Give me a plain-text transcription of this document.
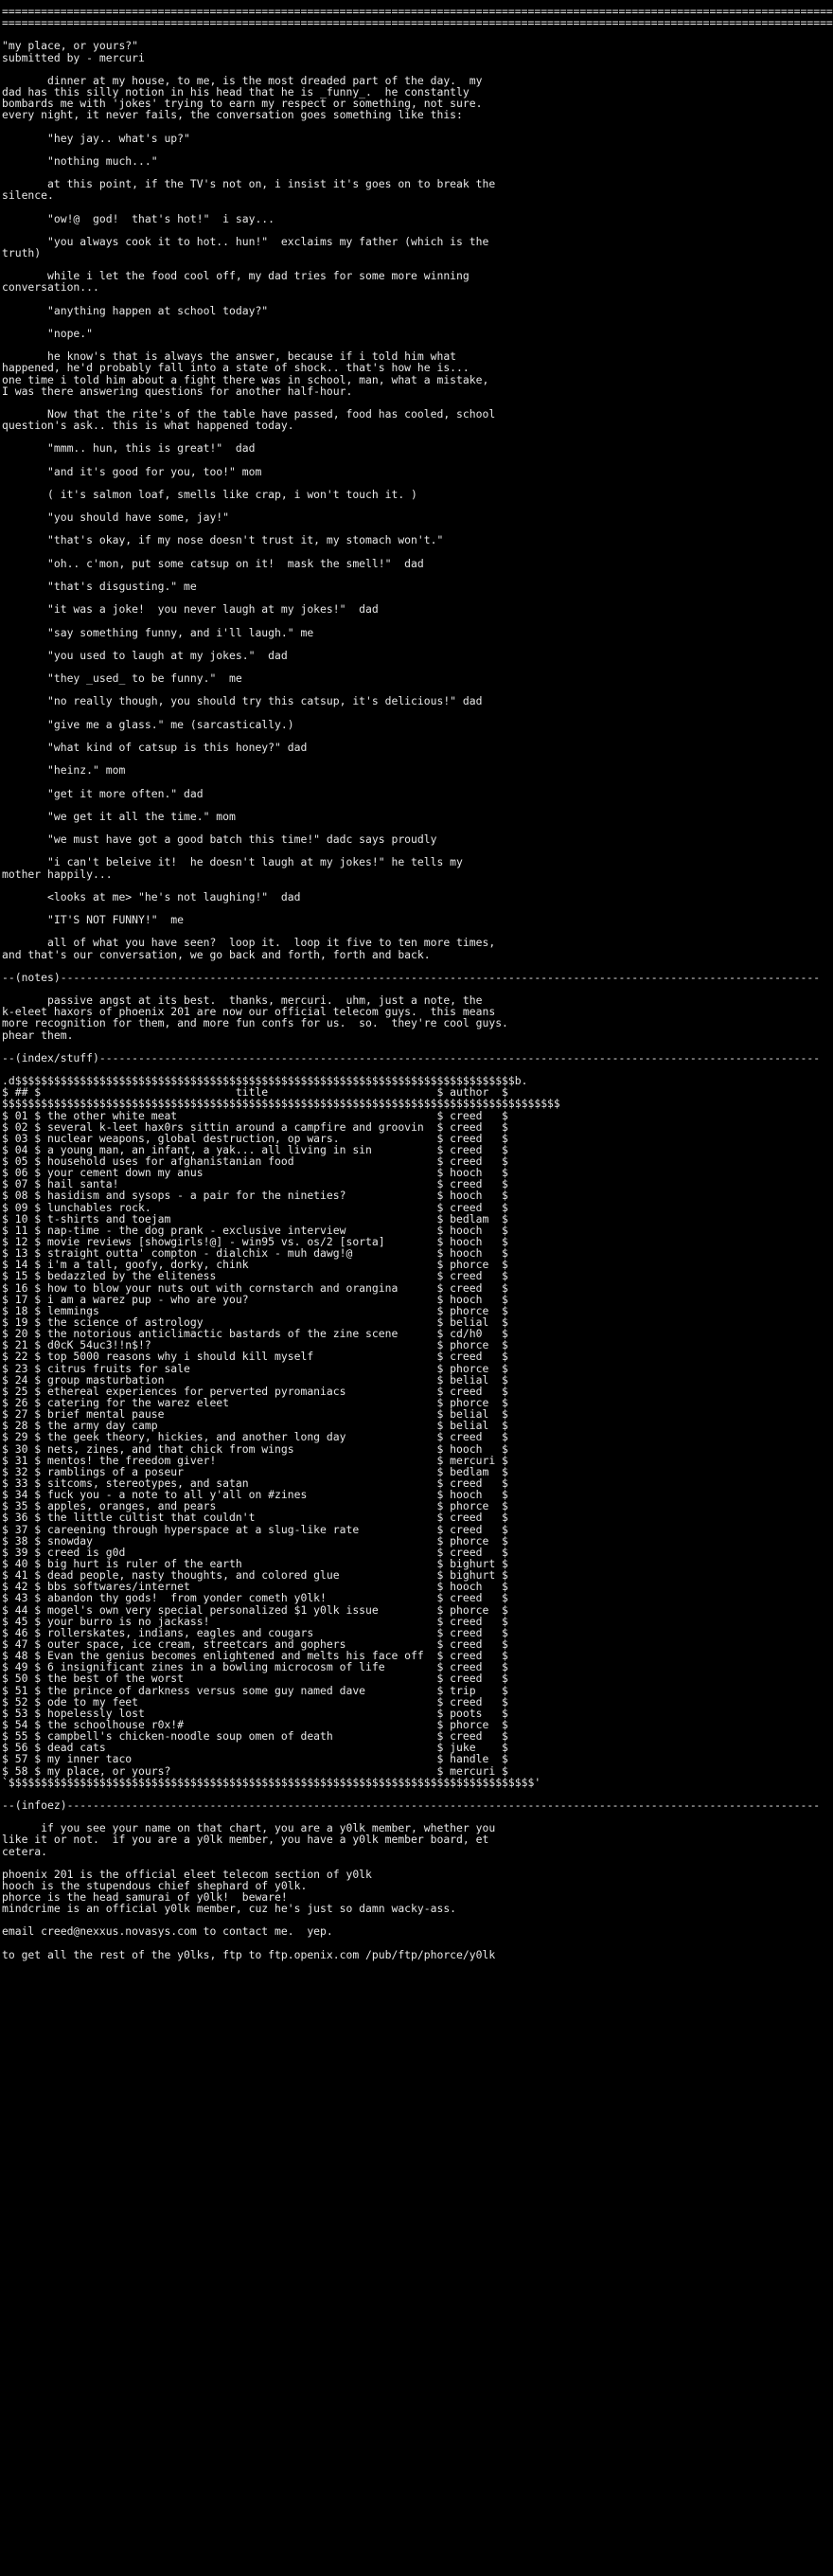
================================================================================================================================
================================================================================================================================
"my place, or yours?"
submitted by - mercuri
dinner at my house, to me, is the most dreaded part of the day.  my
dad has this silly notion in his head that he is _funny_.  he constantly
bombards me with 'jokes' trying to earn my respect or something, not sure.
every night, it never fails, the conversation goes something like this:
"hey jay.. what's up?"
"nothing much..."
at this point, if the TV's not on, i insist it's goes on to break the
silence.
"ow!@  god!  that's hot!"  i say...
"you always cook it to hot.. hun!"  exclaims my father (which is the
truth)
while i let the food cool off, my dad tries for some more winning
conversation...
"anything happen at school today?"
"nope."
he know's that is always the answer, because if i told him what
happened, he'd probably fall into a state of shock.. that's how he is...
one time i told him about a fight there was in school, man, what a mistake,
I was there answering questions for another half-hour.
Now that the rite's of the table have passed, food has cooled, school
question's ask.. this is what happened today.
"mmm.. hun, this is great!"  dad
"and it's good for you, too!" mom
( it's salmon loaf, smells like crap, i won't touch it. )
"you should have some, jay!"
"that's okay, if my nose doesn't trust it, my stomach won't."
"oh.. c'mon, put some catsup on it!  mask the smell!"  dad
"that's disgusting." me
"it was a joke!  you never laugh at my jokes!"  dad
"say something funny, and i'll laugh." me
"you used to laugh at my jokes."  dad
"they _used_ to be funny."  me
"no really though, you should try this catsup, it's delicious!" dad
"give me a glass." me (sarcastically.)
"what kind of catsup is this honey?" dad
"heinz." mom
"get it more often." dad
"we get it all the time." mom
"we must have got a good batch this time!" dadc says proudly
"i can't beleive it!  he doesn't laugh at my jokes!" he tells my
mother happily...
<looks at me> "he's not laughing!"  dad
"IT'S NOT FUNNY!"  me
all of what you have seen?  loop it.  loop it five to ten more times,
and that's our conversation, we go back and forth, forth and back.
--(notes)---------------------------------------------------------------------------------------------------------------------
passive angst at its best.  thanks, mercuri.  uhm, just a note, the
k-eleet haxors of phoenix 201 are now our official telecom guys.  this means
more recognition for them, and more fun confs for us.  so.  they're cool guys.
phear them.
--(index/stuff)---------------------------------------------------------------------------------------------------------------
.d$$$$$$$$$$$$$$$$$$$$$$$$$$$$$$$$$$$$$$$$$$$$$$$$$$$$$$$$$$$$$$$$$$$$$$$$$$$$$b.
$ ## $                              title                          $ author  $
$$$$$$$$$$$$$$$$$$$$$$$$$$$$$$$$$$$$$$$$$$$$$$$$$$$$$$$$$$$$$$$$$$$$$$$$$$$$$$$$$$$$$$
$ 01 $ the other white meat                                        $ creed   $
$ 02 $ several k-leet hax0rs sittin around a campfire and groovin  $ creed   $
$ 03 $ nuclear weapons, global destruction, op wars.               $ creed   $
$ 04 $ a young man, an infant, a yak... all living in sin          $ creed   $
$ 05 $ household uses for afghanistanian food                      $ creed   $
$ 06 $ your cement down my anus                                    $ hooch   $
$ 07 $ hail santa!                                                 $ creed   $
$ 08 $ hasidism and sysops - a pair for the nineties?              $ hooch   $
$ 09 $ lunchables rock.                                            $ creed   $
$ 10 $ t-shirts and toejam                                         $ bedlam  $
$ 11 $ nap-time - the dog prank - exclusive interview              $ hooch   $
$ 12 $ movie reviews [showgirls!@] - win95 vs. os/2 [sorta]        $ hooch   $
$ 13 $ straight outta' compton - dialchix - muh dawg!@             $ hooch   $
$ 14 $ i'm a tall, goofy, dorky, chink                             $ phorce  $
$ 15 $ bedazzled by the eliteness                                  $ creed   $
$ 16 $ how to blow your nuts out with cornstarch and orangina      $ creed   $
$ 17 $ i am a warez pup - who are you?                             $ hooch   $
$ 18 $ lemmings                                                    $ phorce  $
$ 19 $ the science of astrology                                    $ belial  $
$ 20 $ the notorious anticlimactic bastards of the zine scene      $ cd/h0   $
$ 21 $ d0cK 54uc3!!n$!?                                            $ phorce  $
$ 22 $ top 5000 reasons why i should kill myself                   $ creed   $
$ 23 $ citrus fruits for sale                                      $ phorce  $
$ 24 $ group masturbation                                          $ belial  $
$ 25 $ ethereal experiences for perverted pyromaniacs              $ creed   $
$ 26 $ catering for the warez eleet                                $ phorce  $
$ 27 $ brief mental pause                                          $ belial  $
$ 28 $ the army day camp                                           $ belial  $
$ 29 $ the geek theory, hickies, and another long day              $ creed   $
$ 30 $ nets, zines, and that chick from wings                      $ hooch   $
$ 31 $ mentos! the freedom giver!                                  $ mercuri $
$ 32 $ ramblings of a poseur                                       $ bedlam  $
$ 33 $ sitcoms, stereotypes, and satan                             $ creed   $
$ 34 $ fuck you - a note to all y'all on #zines                    $ hooch   $
$ 35 $ apples, oranges, and pears                                  $ phorce  $
$ 36 $ the little cultist that couldn't                            $ creed   $
$ 37 $ careening through hyperspace at a slug-like rate            $ creed   $
$ 38 $ snowday                                                     $ phorce  $
$ 39 $ creed is g0d                                                $ creed   $
$ 40 $ big hurt is ruler of the earth                              $ bighurt $
$ 41 $ dead people, nasty thoughts, and colored glue               $ bighurt $
$ 42 $ bbs softwares/internet                                      $ hooch   $
$ 43 $ abandon thy gods!  from yonder cometh y0lk!                 $ creed   $
$ 44 $ mogel's own very special personalized $1 y0lk issue         $ phorce  $
$ 45 $ your burro is no jackass!                                   $ creed   $
$ 46 $ rollerskates, indians, eagles and cougars                   $ creed   $
$ 47 $ outer space, ice cream, streetcars and gophers              $ creed   $
$ 48 $ Evan the genius becomes enlightened and melts his face off  $ creed   $
$ 49 $ 6 insignificant zines in a bowling microcosm of life        $ creed   $
$ 50 $ the best of the worst                                       $ creed   $
$ 51 $ the prince of darkness versus some guy named dave           $ trip    $
$ 52 $ ode to my feet                                              $ creed   $
$ 53 $ hopelessly lost                                             $ poots   $
$ 54 $ the schoolhouse r0x!#                                       $ phorce  $
$ 55 $ campbell's chicken-noodle soup omen of death                $ creed   $
$ 56 $ dead cats                                                   $ juke    $
$ 57 $ my inner taco                                               $ handle  $
$ 58 $ my place, or yours?                                         $ mercuri $
`$$$$$$$$$$$$$$$$$$$$$$$$$$$$$$$$$$$$$$$$$$$$$$$$$$$$$$$$$$$$$$$$$$$$$$$$$$$$$$$$$'
--(infoez)--------------------------------------------------------------------------------------------------------------------
if you see your name on that chart, you are a y0lk member, whether you
like it or not.  if you are a y0lk member, you have a y0lk member board, et
cetera.
phoenix 201 is the official eleet telecom section of y0lk
hooch is the stupendous chief shephard of y0lk.
phorce is the head samurai of y0lk!  beware!
mindcrime is an official y0lk member, cuz he's just so damn wacky-ass.
email creed@nexxus.novasys.com to contact me.  yep.
to get all the rest of the y0lks, ftp to ftp.openix.com /pub/ftp/phorce/y0lk
